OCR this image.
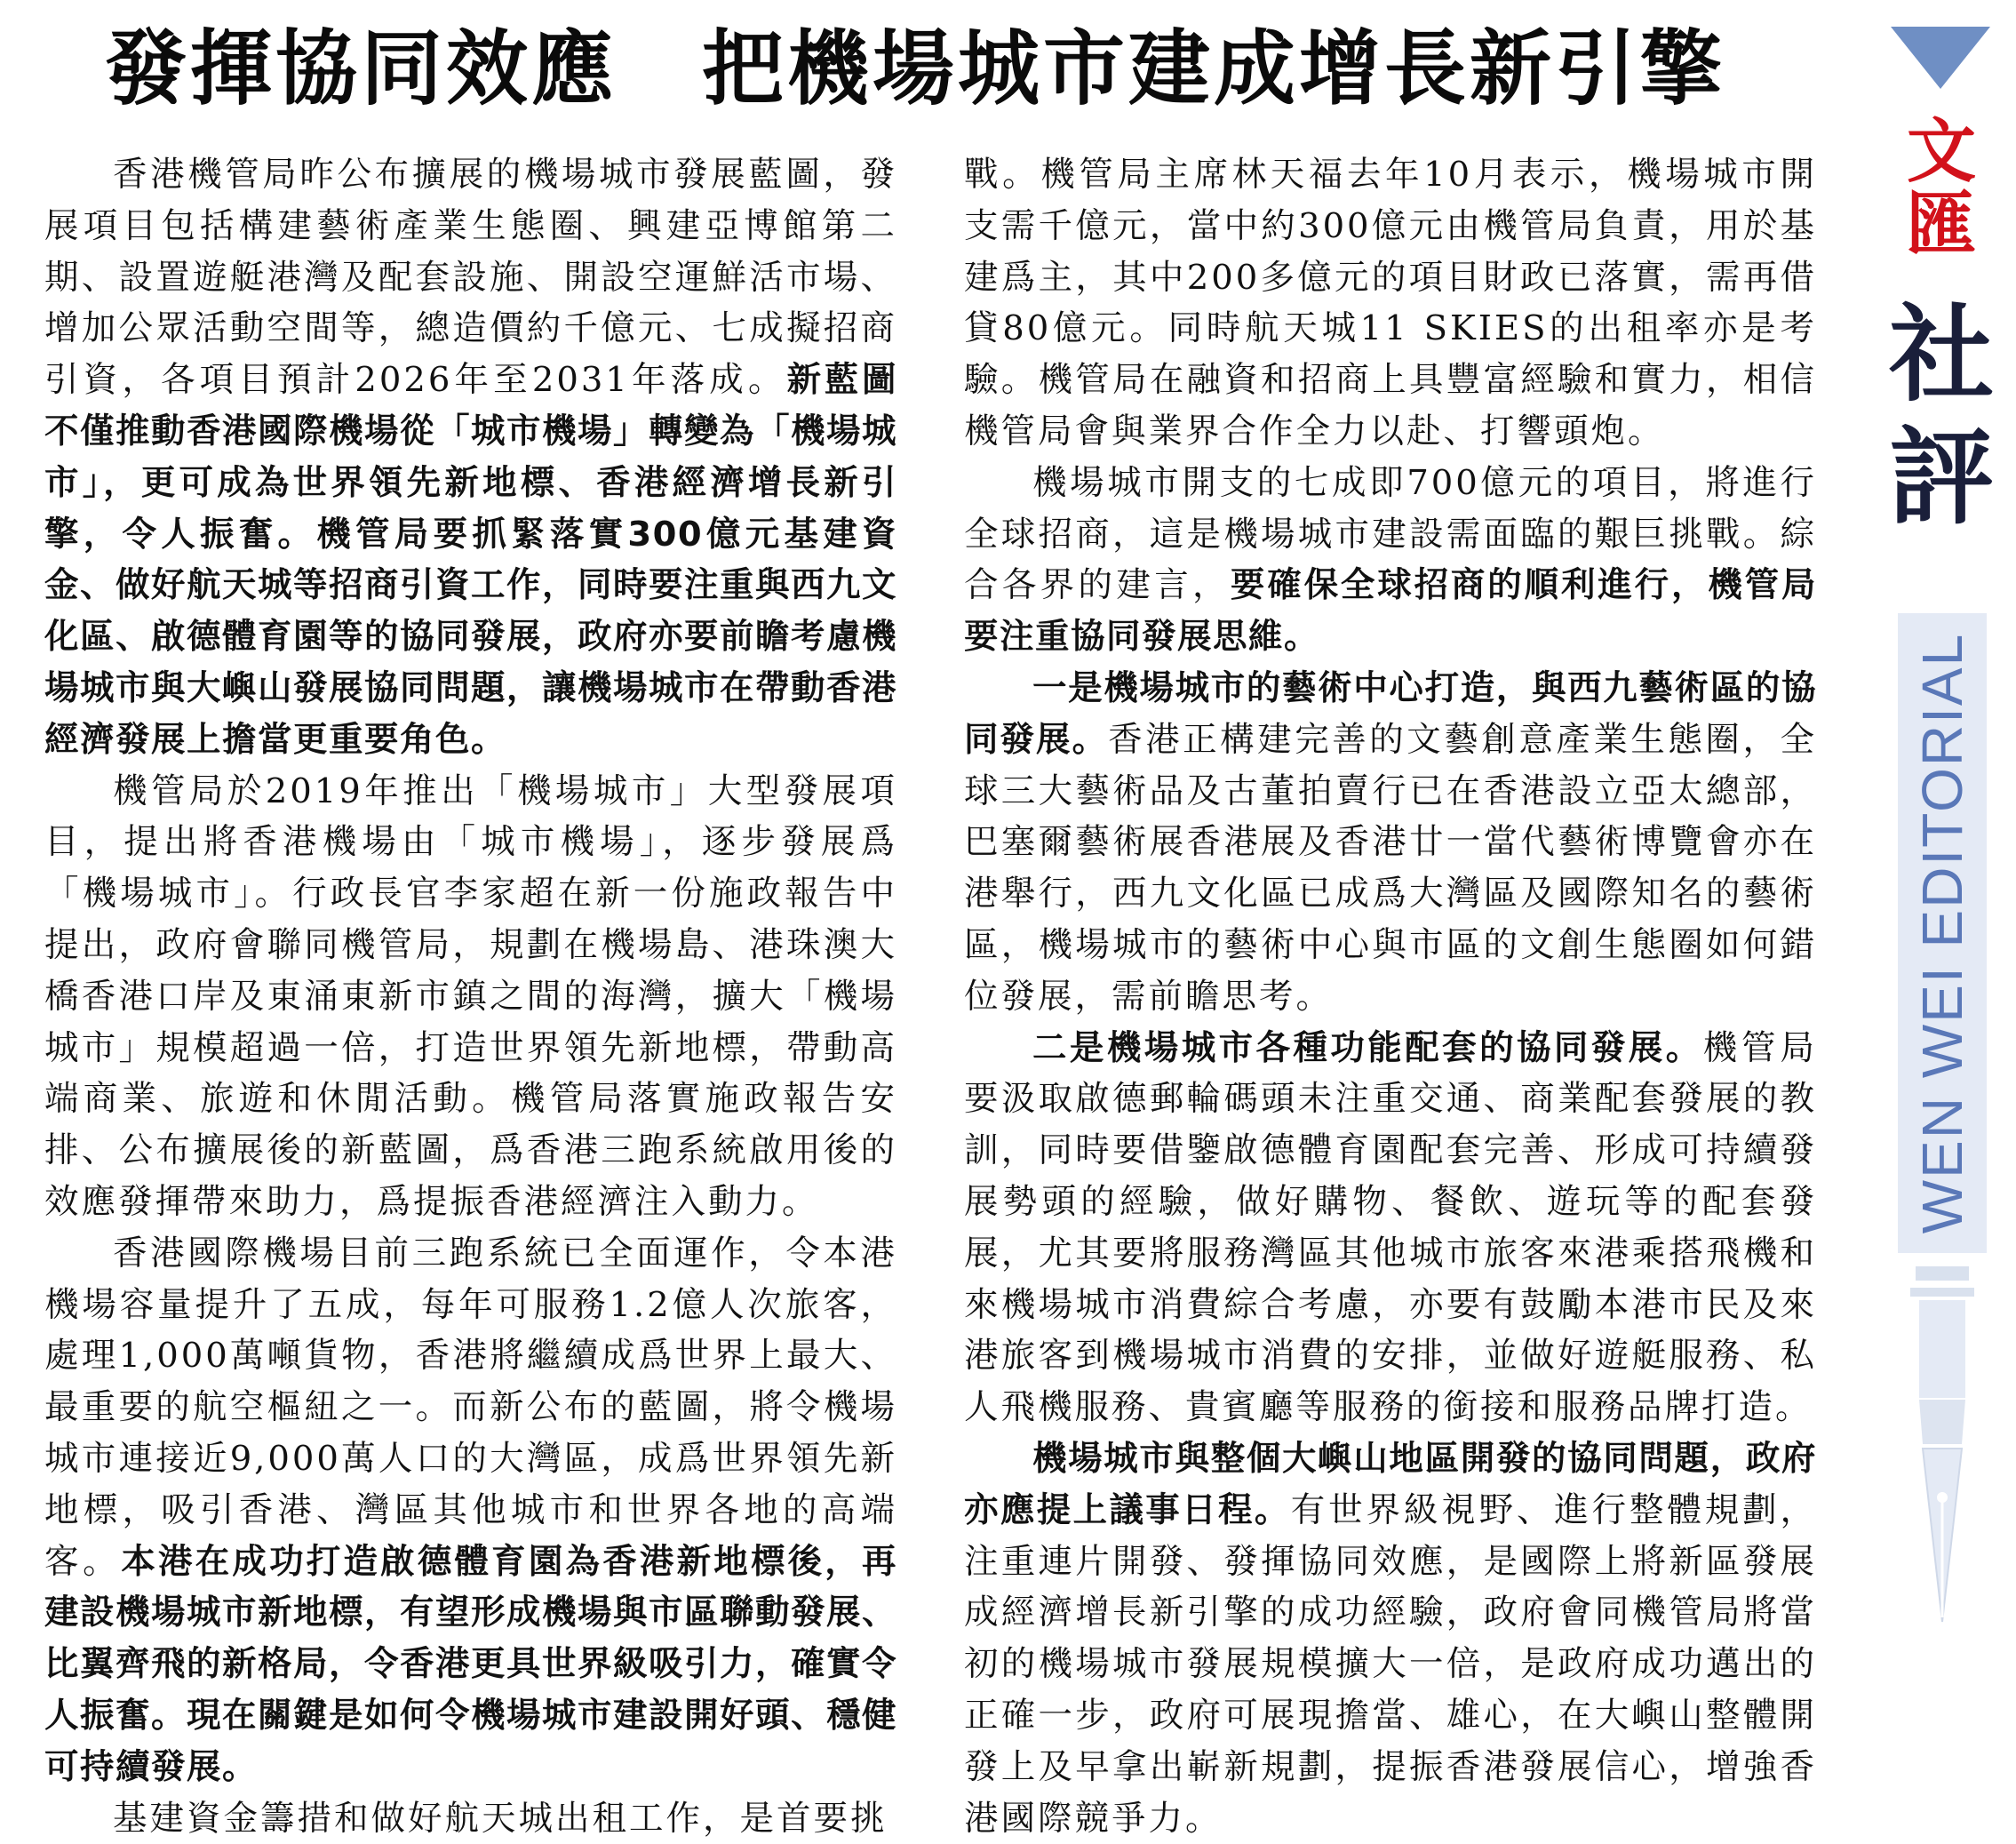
發揮協同效應　把機場城市建成增長新引擎

香港機管局昨公布擴展的機場城市發展藍圖，發展項目包括構建藝術產業生態圈、興建亞博館第二期、設置遊艇港灣及配套設施、開設空運鮮活市場、增加公眾活動空間等，總造價約千億元、七成擬招商引資，各項目預計2026年至2031年落成。新藍圖不僅推動香港國際機場從「城市機場」轉變為「機場城市」，更可成為世界領先新地標、香港經濟增長新引擎，令人振奮。機管局要抓緊落實300億元基建資金、做好航天城等招商引資工作，同時要注重與西九文化區、啟德體育園等的協同發展，政府亦要前瞻考慮機場城市與大嶼山發展協同問題，讓機場城市在帶動香港經濟發展上擔當更重要角色。

機管局於2019年推出「機場城市」大型發展項目，提出將香港機場由「城市機場」，逐步發展爲「機場城市」。行政長官李家超在新一份施政報告中提出，政府會聯同機管局，規劃在機場島、港珠澳大橋香港口岸及東涌東新市鎮之間的海灣，擴大「機場城市」規模超過一倍，打造世界領先新地標，帶動高端商業、旅遊和休閒活動。機管局落實施政報告安排、公布擴展後的新藍圖，爲香港三跑系統啟用後的效應發揮帶來助力，爲提振香港經濟注入動力。

香港國際機場目前三跑系統已全面運作，令本港機場容量提升了五成，每年可服務1.2億人次旅客，處理1,000萬噸貨物，香港將繼續成爲世界上最大、最重要的航空樞紐之一。而新公布的藍圖，將令機場城市連接近9,000萬人口的大灣區，成爲世界領先新地標，吸引香港、灣區其他城市和世界各地的高端客。本港在成功打造啟德體育園為香港新地標後，再建設機場城市新地標，有望形成機場與市區聯動發展、比翼齊飛的新格局，令香港更具世界級吸引力，確實令人振奮。現在關鍵是如何令機場城市建設開好頭、穩健可持續發展。

基建資金籌措和做好航天城出租工作，是首要挑

戰。機管局主席林天福去年10月表示，機場城市開支需千億元，當中約300億元由機管局負責，用於基建爲主，其中200多億元的項目財政已落實，需再借貸80億元。同時航天城11 SKIES的出租率亦是考驗。機管局在融資和招商上具豐富經驗和實力，相信機管局會與業界合作全力以赴、打響頭炮。

機場城市開支的七成即700億元的項目，將進行全球招商，這是機場城市建設需面臨的艱巨挑戰。綜合各界的建言，要確保全球招商的順利進行，機管局要注重協同發展思維。

一是機場城市的藝術中心打造，與西九藝術區的協同發展。香港正構建完善的文藝創意產業生態圈，全球三大藝術品及古董拍賣行已在香港設立亞太總部，巴塞爾藝術展香港展及香港廿一當代藝術博覽會亦在港舉行，西九文化區已成爲大灣區及國際知名的藝術區，機場城市的藝術中心與市區的文創生態圈如何錯位發展，需前瞻思考。

二是機場城市各種功能配套的協同發展。機管局要汲取啟德郵輪碼頭未注重交通、商業配套發展的教訓，同時要借鑒啟德體育園配套完善、形成可持續發展勢頭的經驗，做好購物、餐飲、遊玩等的配套發展，尤其要將服務灣區其他城市旅客來港乘搭飛機和來機場城市消費綜合考慮，亦要有鼓勵本港市民及來港旅客到機場城市消費的安排，並做好遊艇服務、私人飛機服務、貴賓廳等服務的銜接和服務品牌打造。

機場城市與整個大嶼山地區開發的協同問題，政府亦應提上議事日程。有世界級視野、進行整體規劃，注重連片開發、發揮協同效應，是國際上將新區發展成經濟增長新引擎的成功經驗，政府會同機管局將當初的機場城市發展規模擴大一倍，是政府成功邁出的正確一步，政府可展現擔當、雄心，在大嶼山整體開發上及早拿出嶄新規劃，提振香港發展信心，增強香港國際競爭力。

文
匯
社
評
WEN WEI EDITORIAL
